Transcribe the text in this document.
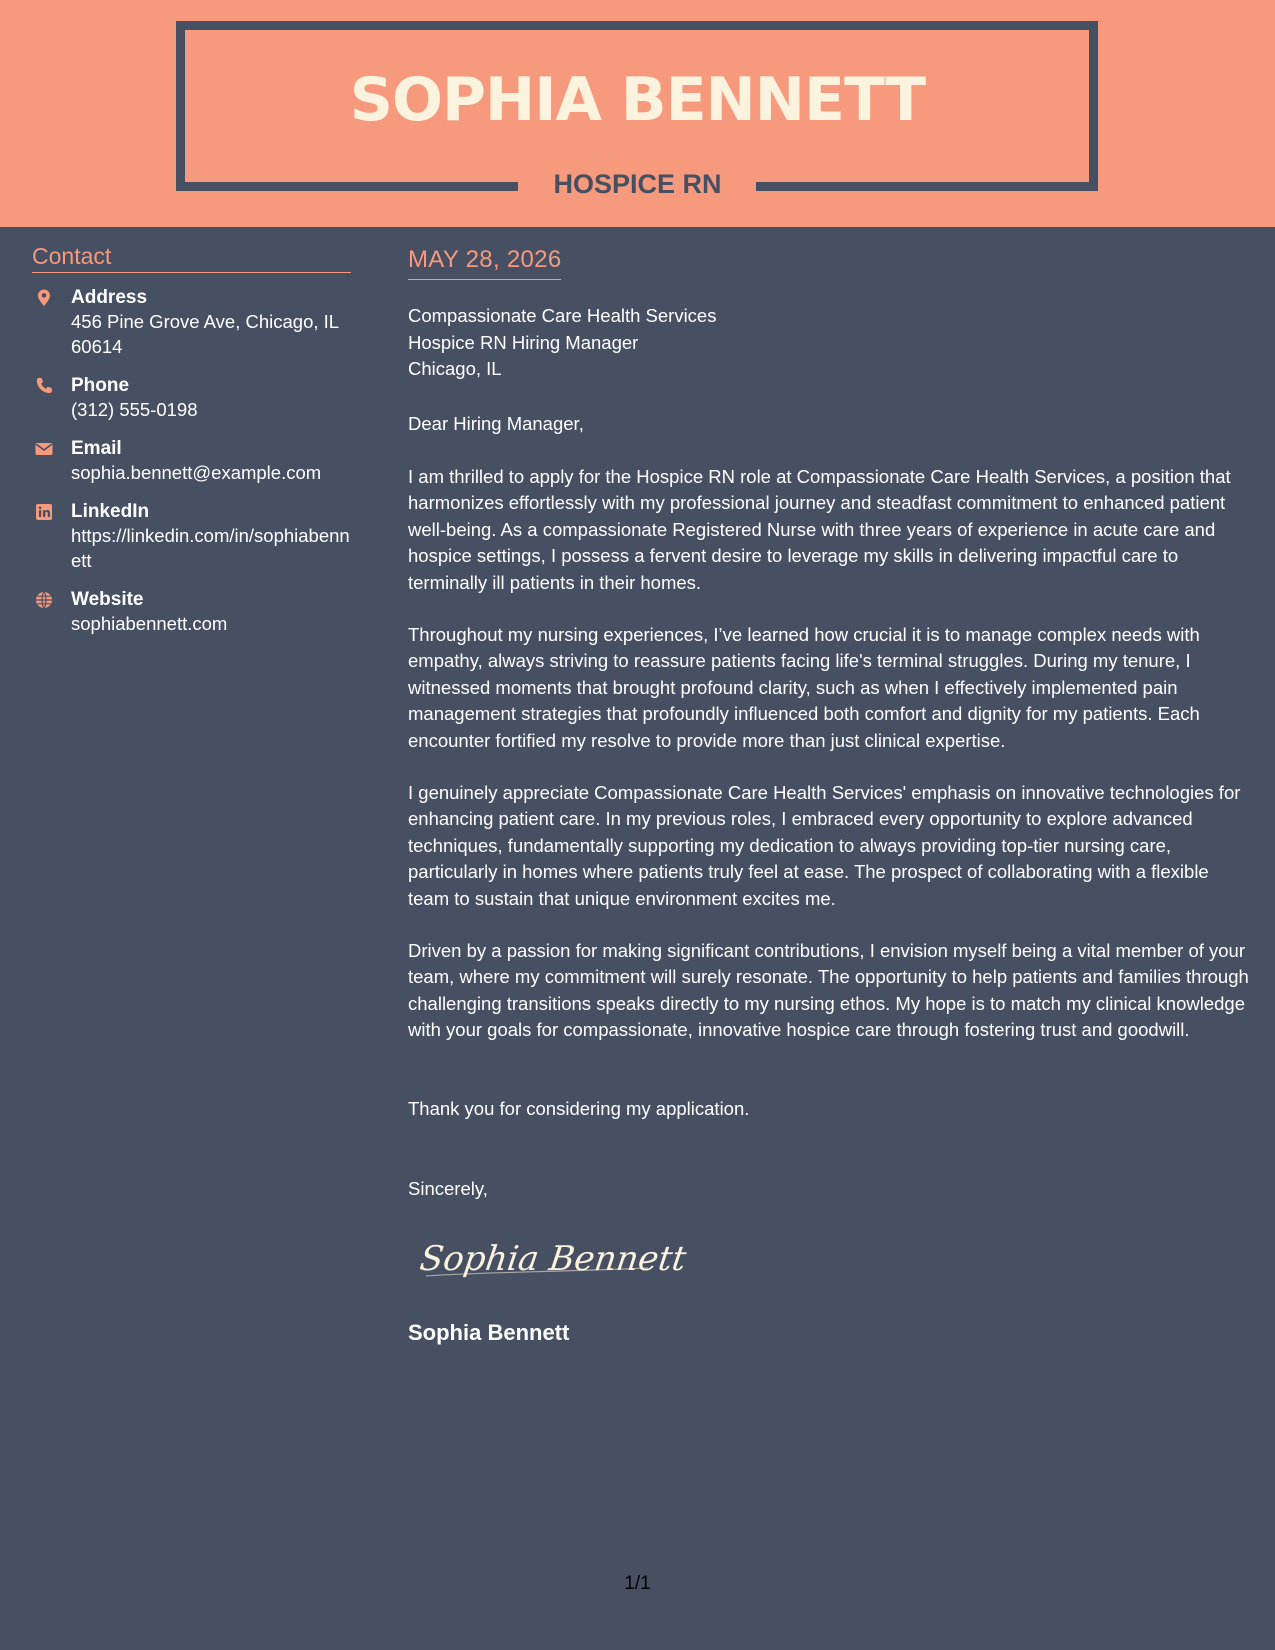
SOPHIA BENNETT
HOSPICE RN
Contact
Address
456 Pine Grove Ave, Chicago, IL 60614
Phone
(312) 555-0198
Email
sophia.bennett@example.com
LinkedIn
https://linkedin.com/in/sophiabennett
Website
sophiabennett.com
MAY 28, 2026
Compassionate Care Health Services
Hospice RN Hiring Manager
Chicago, IL
Dear Hiring Manager,
I am thrilled to apply for the Hospice RN role at Compassionate Care Health Services, a position that harmonizes effortlessly with my professional journey and steadfast commitment to enhanced patient well-being. As a compassionate Registered Nurse with three years of experience in acute care and hospice settings, I possess a fervent desire to leverage my skills in delivering impactful care to terminally ill patients in their homes.
Throughout my nursing experiences, I’ve learned how crucial it is to manage complex needs with empathy, always striving to reassure patients facing life's terminal struggles. During my tenure, I witnessed moments that brought profound clarity, such as when I effectively implemented pain management strategies that profoundly influenced both comfort and dignity for my patients. Each encounter fortified my resolve to provide more than just clinical expertise.
I genuinely appreciate Compassionate Care Health Services' emphasis on innovative technologies for enhancing patient care. In my previous roles, I embraced every opportunity to explore advanced techniques, fundamentally supporting my dedication to always providing top-tier nursing care, particularly in homes where patients truly feel at ease. The prospect of collaborating with a flexible team to sustain that unique environment excites me.
Driven by a passion for making significant contributions, I envision myself being a vital member of your team, where my commitment will surely resonate. The opportunity to help patients and families through challenging transitions speaks directly to my nursing ethos. My hope is to match my clinical knowledge with your goals for compassionate, innovative hospice care through fostering trust and goodwill.
Thank you for considering my application.
Sincerely,
Sophia Bennett
Sophia Bennett
1/1
